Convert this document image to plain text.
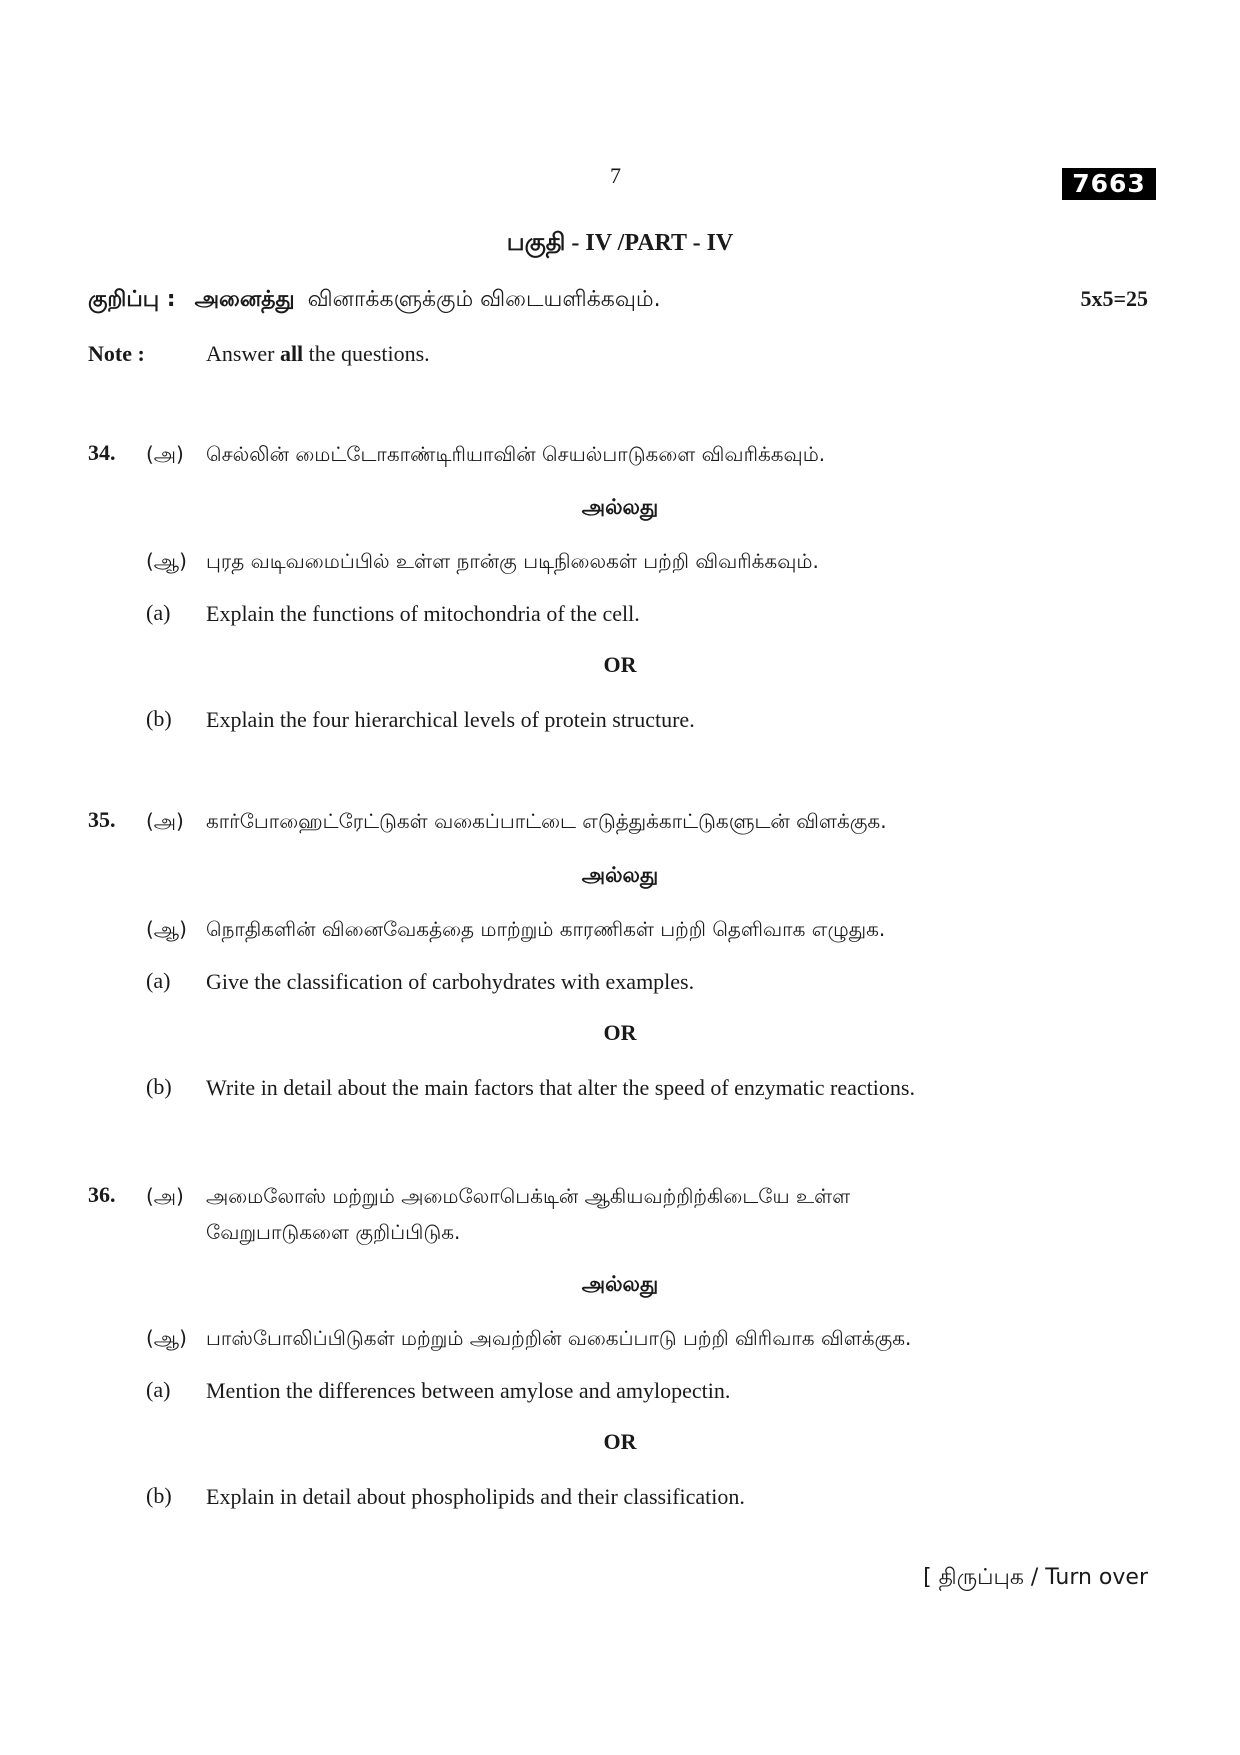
7	7663
பகுதி - IV /PART - IV
குறிப்பு : அனைத்து வினாக்களுக்கும் விடையளிக்கவும்.	5x5=25
Note :	Answer all the questions.
34. (அ) செல்லின் மைட்டோகாண்டிரியாவின் செயல்பாடுகளை விவரிக்கவும்.
அல்லது
(ஆ) புரத வடிவமைப்பில் உள்ள நான்கு படிநிலைகள் பற்றி விவரிக்கவும்.
(a) Explain the functions of mitochondria of the cell.
OR
(b) Explain the four hierarchical levels of protein structure.
35. (அ) கார்போஹைட்ரேட்டுகள் வகைப்பாட்டை எடுத்துக்காட்டுகளுடன் விளக்குக.
அல்லது
(ஆ) நொதிகளின் வினைவேகத்தை மாற்றும் காரணிகள் பற்றி தெளிவாக எழுதுக.
(a) Give the classification of carbohydrates with examples.
OR
(b) Write in detail about the main factors that alter the speed of enzymatic reactions.
36. (அ) அமைலோஸ் மற்றும் அமைலோபெக்டின் ஆகியவற்றிற்கிடையே உள்ள
வேறுபாடுகளை குறிப்பிடுக.
அல்லது
(ஆ) பாஸ்போலிப்பிடுகள் மற்றும் அவற்றின் வகைப்பாடு பற்றி விரிவாக விளக்குக.
(a) Mention the differences between amylose and amylopectin.
OR
(b) Explain in detail about phospholipids and their classification.
[ திருப்புக / Turn over
